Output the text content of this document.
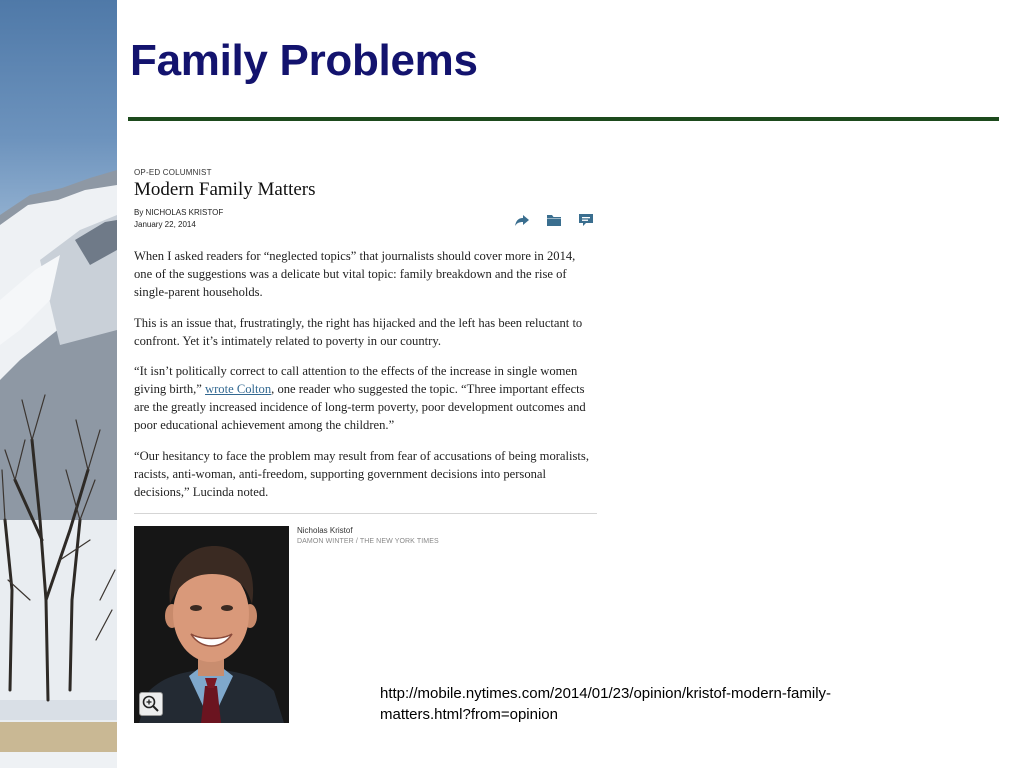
Family Problems

OP-ED COLUMNIST

Modern Family Matters
By NICHOLAS KRISTOF
January 22, 2014

When I asked readers for “neglected topics” that journalists should cover more in 2014, one of the suggestions was a delicate but vital topic: family breakdown and the rise of single-parent households.

This is an issue that, frustratingly, the right has hijacked and the left has been reluctant to confront. Yet it’s intimately related to poverty in our country.

“It isn’t politically correct to call attention to the effects of the increase in single women giving birth,” wrote Colton, one reader who suggested the topic. “Three important effects are the greatly increased incidence of long-term poverty, poor development outcomes and poor educational achievement among the children.”

“Our hesitancy to face the problem may result from fear of accusations of being moralists, racists, anti-woman, anti-freedom, supporting government decisions into personal decisions,” Lucinda noted.

Nicholas Kristof
DAMON WINTER / THE NEW YORK TIMES
http://mobile.nytimes.com/2014/01/23/opinion/kristof-modern-family-matters.html?from=opinion
